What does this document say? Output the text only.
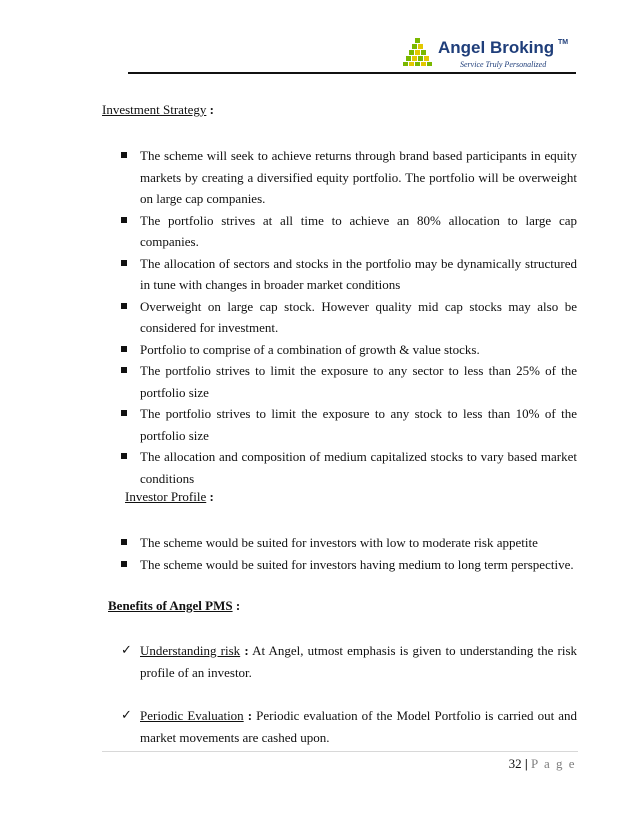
Angel Broking TM
Service Truly Personalized
Investment Strategy :
The scheme will seek to achieve returns through brand based participants in equity markets by creating a diversified equity portfolio. The portfolio will be overweight on large cap companies.
The portfolio strives at all time to achieve an 80% allocation to large cap companies.
The allocation of sectors and stocks in the portfolio may be dynamically structured in tune with changes in broader market conditions
Overweight on large cap stock. However quality mid cap stocks may also be considered for investment.
Portfolio to comprise of a combination of growth & value stocks.
The portfolio strives to limit the exposure to any sector to less than 25% of the portfolio size
The portfolio strives to limit the exposure to any stock to less than 10% of the portfolio size
The allocation and composition of medium capitalized stocks to vary based market conditions
Investor Profile :
The scheme would be suited for investors with low to moderate risk appetite
The scheme would be suited for investors having medium to long term perspective.
Benefits of Angel PMS :
✓ Understanding risk : At Angel, utmost emphasis is given to understanding the risk profile of an investor.
✓ Periodic Evaluation : Periodic evaluation of the Model Portfolio is carried out and market movements are cashed upon.
32 | P a g e
